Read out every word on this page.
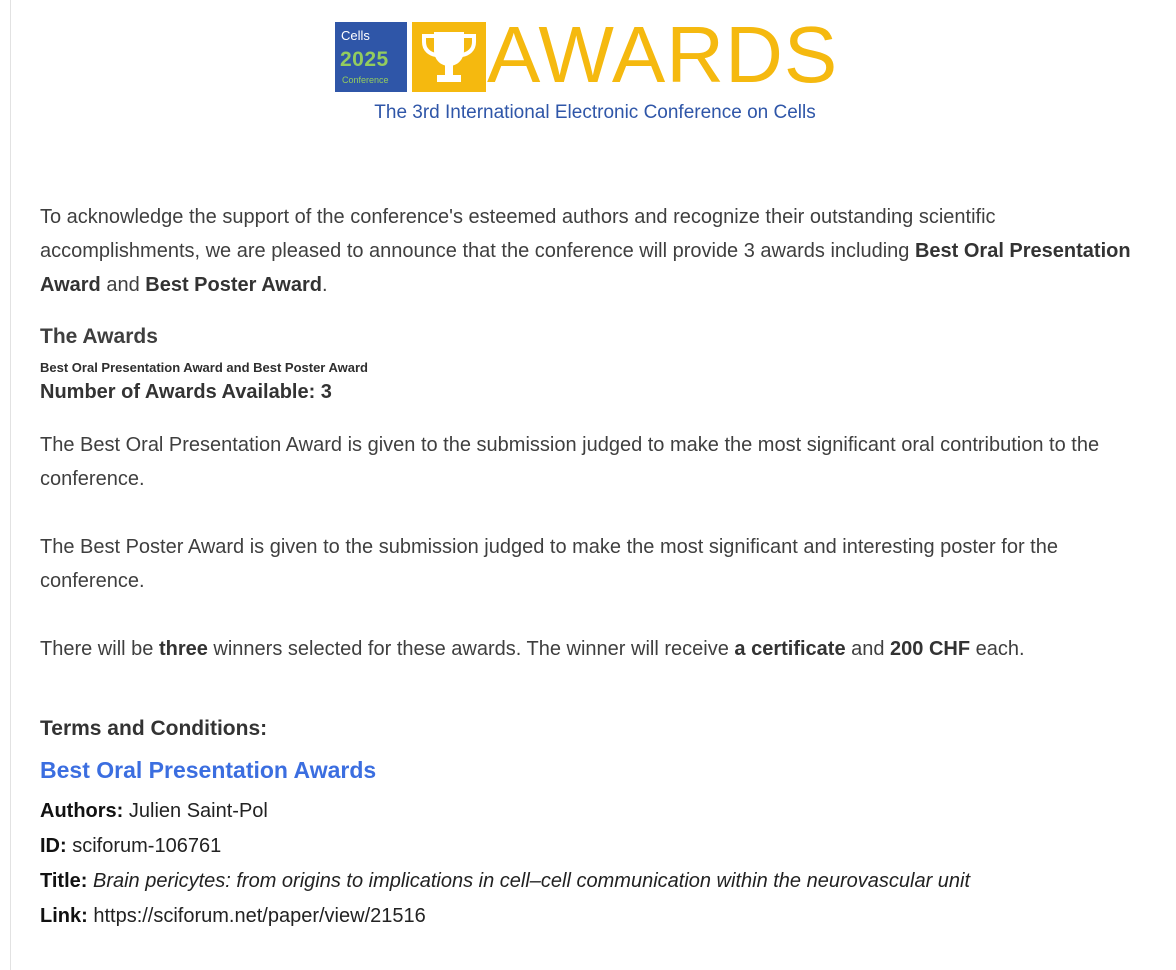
Cells
2025
Conference AWARDS
The 3rd International Electronic Conference on Cells

To acknowledge the support of the conference's esteemed authors and recognize their outstanding scientific accomplishments, we are pleased to announce that the conference will provide 3 awards including Best Oral Presentation Award and Best Poster Award.

The Awards
Best Oral Presentation Award and Best Poster Award
Number of Awards Available: 3

The Best Oral Presentation Award is given to the submission judged to make the most significant oral contribution to the conference.

The Best Poster Award is given to the submission judged to make the most significant and interesting poster for the conference.

There will be three winners selected for these awards. The winner will receive a certificate and 200 CHF each.

Terms and Conditions:
Best Oral Presentation Awards
Authors: Julien Saint-Pol
ID: sciforum-106761
Title: Brain pericytes: from origins to implications in cell–cell communication within the neurovascular unit
Link: https://sciforum.net/paper/view/21516
